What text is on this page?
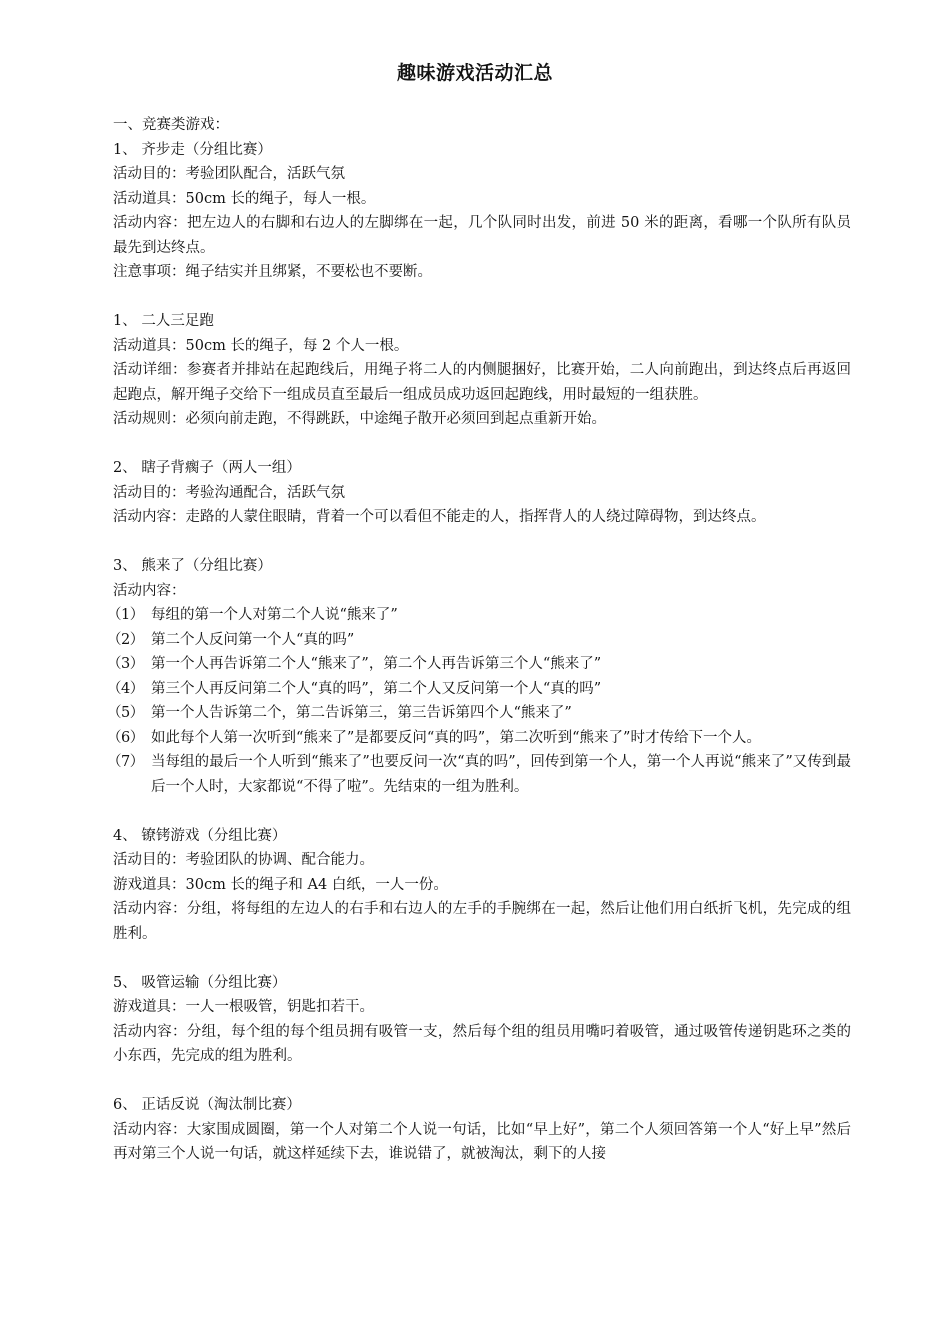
趣味游戏活动汇总
一、竞赛类游戏：
1、 齐步走（分组比赛）
活动目的：考验团队配合，活跃气氛
活动道具：50cm 长的绳子，每人一根。
活动内容：把左边人的右脚和右边人的左脚绑在一起，几个队同时出发，前进 50 米的距离，看哪一个队所有队员最先到达终点。
注意事项：绳子结实并且绑紧，不要松也不要断。
1、 二人三足跑
活动道具：50cm 长的绳子，每 2 个人一根。
活动详细：参赛者并排站在起跑线后，用绳子将二人的内侧腿捆好，比赛开始，二人向前跑出，到达终点后再返回起跑点，解开绳子交给下一组成员直至最后一组成员成功返回起跑线，用时最短的一组获胜。
活动规则：必须向前走跑，不得跳跃，中途绳子散开必须回到起点重新开始。
2、 瞎子背瘸子（两人一组）
活动目的：考验沟通配合，活跃气氛
活动内容：走路的人蒙住眼睛，背着一个可以看但不能走的人，指挥背人的人绕过障碍物，到达终点。
3、 熊来了（分组比赛）
活动内容：
（1） 每组的第一个人对第二个人说“熊来了”
（2） 第二个人反问第一个人“真的吗”
（3） 第一个人再告诉第二个人“熊来了”，第二个人再告诉第三个人“熊来了”
（4） 第三个人再反问第二个人“真的吗”，第二个人又反问第一个人“真的吗”
（5） 第一个人告诉第二个，第二告诉第三，第三告诉第四个人“熊来了”
（6） 如此每个人第一次听到“熊来了”是都要反问“真的吗”，第二次听到“熊来了”时才传给下一个人。
（7） 当每组的最后一个人听到“熊来了”也要反问一次“真的吗”，回传到第一个人，第一个人再说“熊来了”又传到最后一个人时，大家都说“不得了啦”。先结束的一组为胜利。
4、 镣铐游戏（分组比赛）
活动目的：考验团队的协调、配合能力。
游戏道具：30cm 长的绳子和 A4 白纸，一人一份。
活动内容：分组，将每组的左边人的右手和右边人的左手的手腕绑在一起，然后让他们用白纸折飞机，先完成的组胜利。
5、 吸管运输（分组比赛）
游戏道具：一人一根吸管，钥匙扣若干。
活动内容：分组，每个组的每个组员拥有吸管一支，然后每个组的组员用嘴叼着吸管，通过吸管传递钥匙环之类的小东西，先完成的组为胜利。
6、 正话反说（淘汰制比赛）
活动内容：大家围成圆圈，第一个人对第二个人说一句话，比如“早上好”，第二个人须回答第一个人“好上早”然后再对第三个人说一句话，就这样延续下去，谁说错了，就被淘汰，剩下的人接
